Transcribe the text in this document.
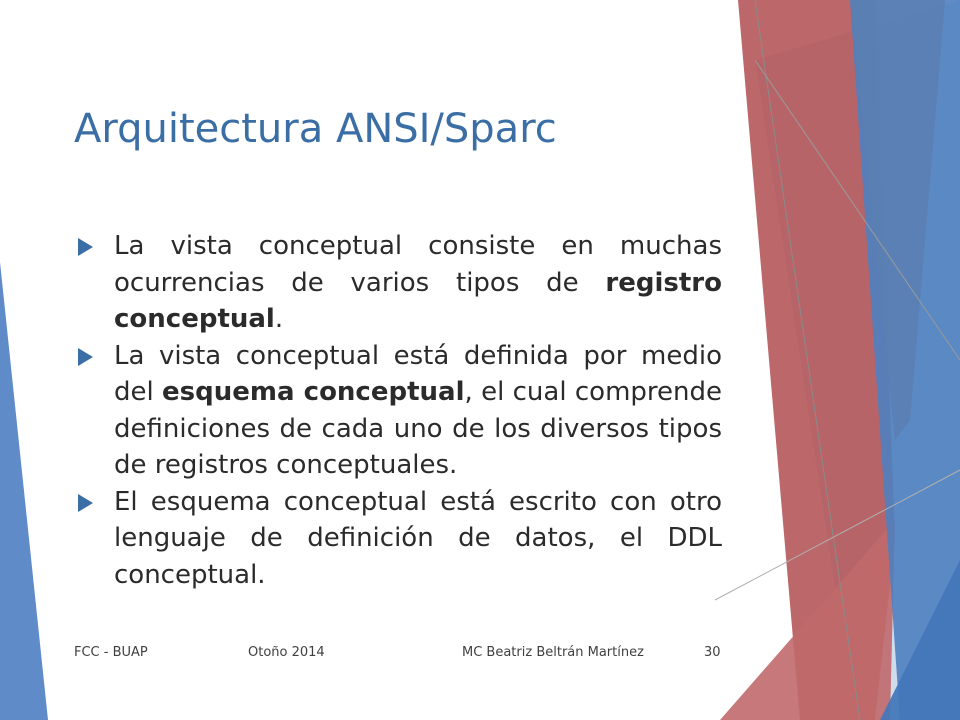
Arquitectura ANSI/Sparc
La vista conceptual consiste en muchas ocurrencias de varios tipos de registro conceptual.
La vista conceptual está definida por medio del esquema conceptual, el cual comprende definiciones de cada uno de los diversos tipos de registros conceptuales.
El esquema conceptual está escrito con otro lenguaje de definición de datos, el DDL conceptual.
FCC - BUAP	Otoño 2014	MC Beatriz Beltrán Martínez	30
